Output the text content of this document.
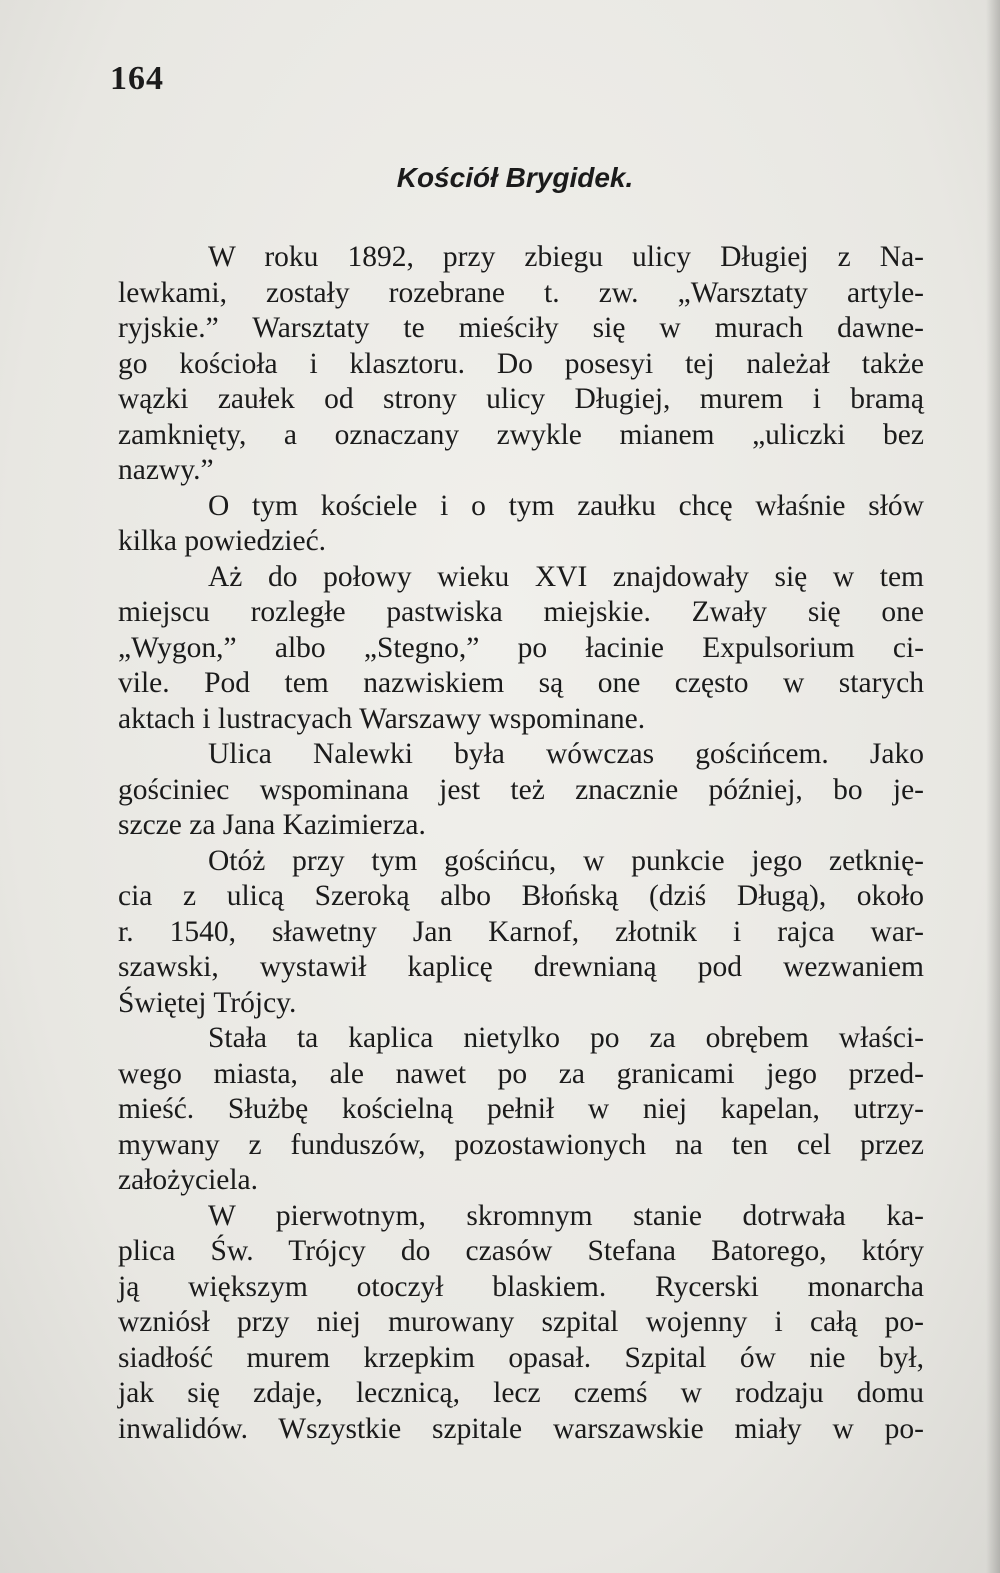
164
Kościół Brygidek.
W roku 1892, przy zbiegu ulicy Długiej z Na-
lewkami, zostały rozebrane t. zw. „Warsztaty artyle-
ryjskie.” Warsztaty te mieściły się w murach dawne-
go kościoła i klasztoru. Do posesyi tej należał także
wązki zaułek od strony ulicy Długiej, murem i bramą
zamknięty, a oznaczany zwykle mianem „uliczki bez
nazwy.”
O tym kościele i o tym zaułku chcę właśnie słów
kilka powiedzieć.
Aż do połowy wieku XVI znajdowały się w tem
miejscu rozległe pastwiska miejskie. Zwały się one
„Wygon,” albo „Stegno,” po łacinie Expulsorium ci-
vile. Pod tem nazwiskiem są one często w starych
aktach i lustracyach Warszawy wspominane.
Ulica Nalewki była wówczas gościńcem. Jako
gościniec wspominana jest też znacznie później, bo je-
szcze za Jana Kazimierza.
Otóż przy tym gościńcu, w punkcie jego zetknię-
cia z ulicą Szeroką albo Błońską (dziś Długą), około
r. 1540, sławetny Jan Karnof, złotnik i rajca war-
szawski, wystawił kaplicę drewnianą pod wezwaniem
Świętej Trójcy.
Stała ta kaplica nietylko po za obrębem właści-
wego miasta, ale nawet po za granicami jego przed-
mieść. Służbę kościelną pełnił w niej kapelan, utrzy-
mywany z funduszów, pozostawionych na ten cel przez
założyciela.
W pierwotnym, skromnym stanie dotrwała ka-
plica Św. Trójcy do czasów Stefana Batorego, który
ją większym otoczył blaskiem. Rycerski monarcha
wzniósł przy niej murowany szpital wojenny i całą po-
siadłość murem krzepkim opasał. Szpital ów nie był,
jak się zdaje, lecznicą, lecz czemś w rodzaju domu
inwalidów. Wszystkie szpitale warszawskie miały w po-
